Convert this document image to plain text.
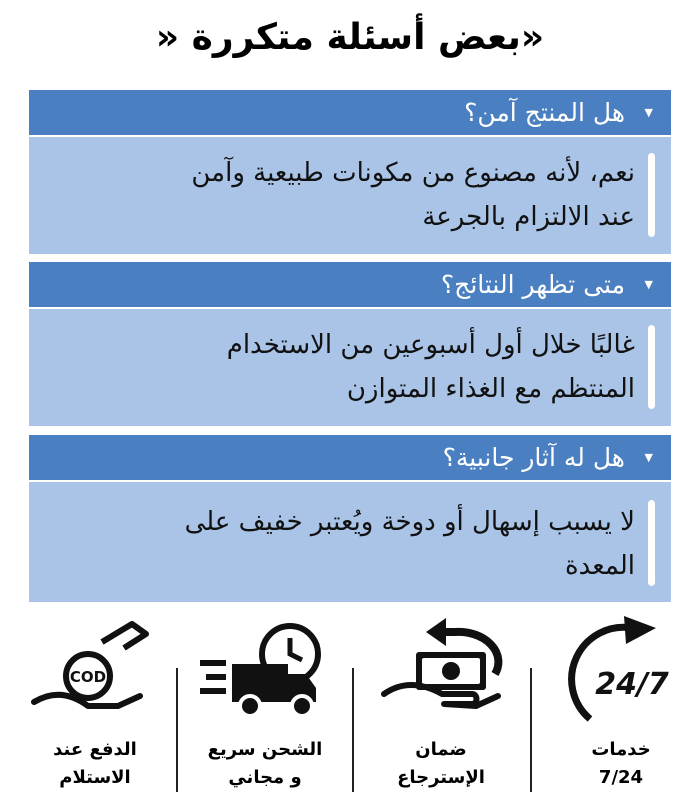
«بعض أسئلة متكررة «
▼
هل المنتج آمن؟
نعم، لأنه مصنوع من مكونات طبيعية وآمن
عند الالتزام بالجرعة
▼
متى تظهر النتائج؟
غالبًا خلال أول أسبوعين من الاستخدام
المنتظم مع الغذاء المتوازن
▼
هل له آثار جانبية؟
لا يسبب إسهال أو دوخة ويُعتبر خفيف على
المعدة
24/7
خدمات
7/24
ضمان
الإسترجاع
الشحن سريع
و مجاني
COD
الدفع عند
الاستلام
